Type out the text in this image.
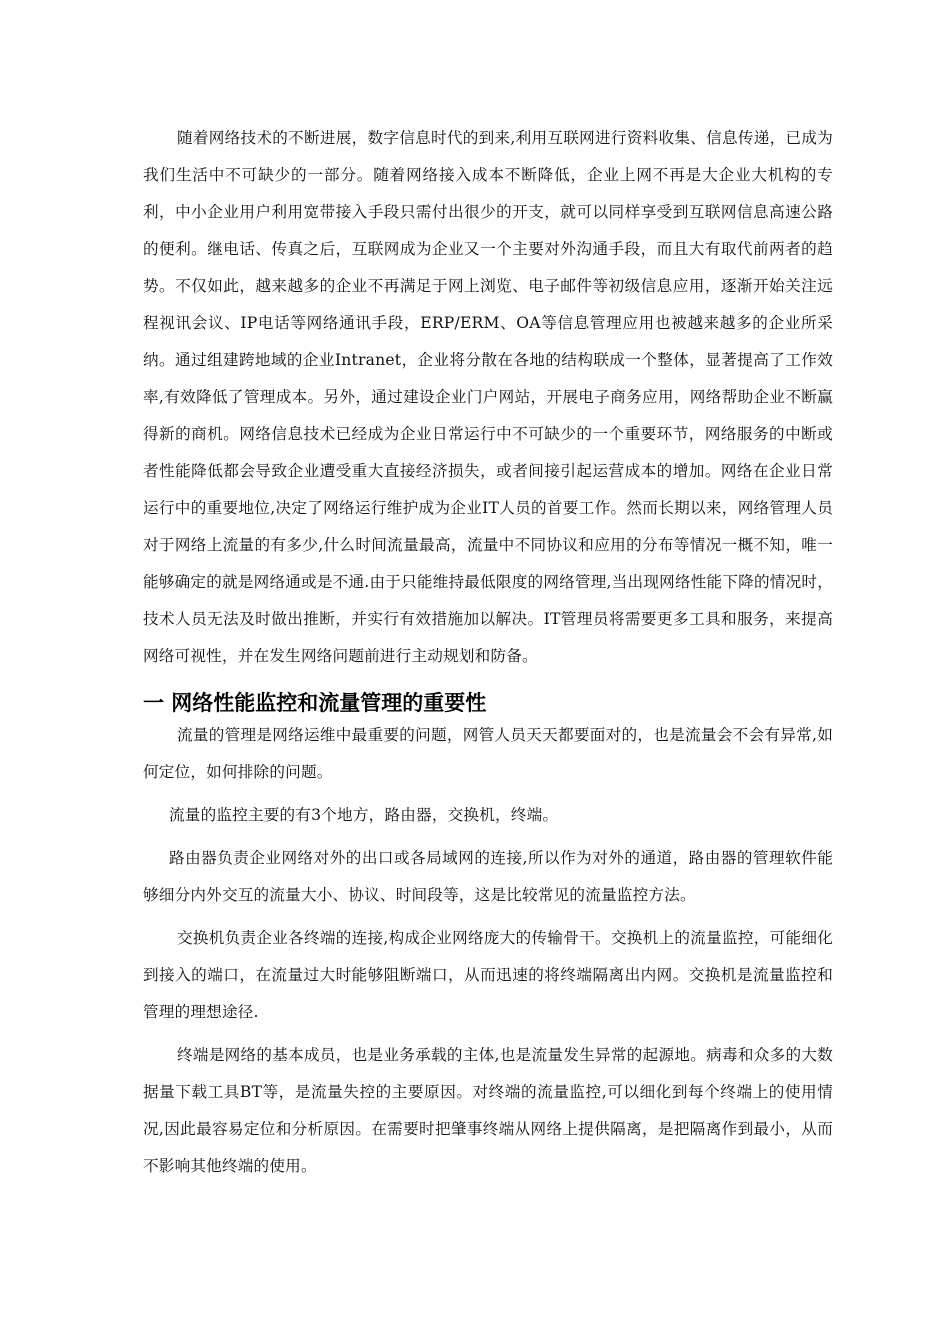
随着网络技术的不断进展，数字信息时代的到来,利用互联网进行资料收集、信息传递，已成为我们生活中不可缺少的一部分。随着网络接入成本不断降低，企业上网不再是大企业大机构的专利，中小企业用户利用宽带接入手段只需付出很少的开支，就可以同样享受到互联网信息高速公路的便利。继电话、传真之后，互联网成为企业又一个主要对外沟通手段，而且大有取代前两者的趋势。不仅如此，越来越多的企业不再满足于网上浏览、电子邮件等初级信息应用，逐渐开始关注远程视讯会议、IP电话等网络通讯手段，ERP/ERM、OA等信息管理应用也被越来越多的企业所采纳。通过组建跨地域的企业Intranet，企业将分散在各地的结构联成一个整体，显著提高了工作效率,有效降低了管理成本。另外，通过建设企业门户网站，开展电子商务应用，网络帮助企业不断赢得新的商机。网络信息技术已经成为企业日常运行中不可缺少的一个重要环节，网络服务的中断或者性能降低都会导致企业遭受重大直接经济损失，或者间接引起运营成本的增加。网络在企业日常运行中的重要地位,决定了网络运行维护成为企业IT人员的首要工作。然而长期以来，网络管理人员对于网络上流量的有多少,什么时间流量最高，流量中不同协议和应用的分布等情况一概不知，唯一能够确定的就是网络通或是不通.由于只能维持最低限度的网络管理,当出现网络性能下降的情况时，技术人员无法及时做出推断，并实行有效措施加以解决。IT管理员将需要更多工具和服务，来提高网络可视性，并在发生网络问题前进行主动规划和防备。

一 网络性能监控和流量管理的重要性

流量的管理是网络运维中最重要的问题，网管人员天天都要面对的，也是流量会不会有异常,如何定位，如何排除的问题。

流量的监控主要的有3个地方，路由器，交换机，终端。

路由器负责企业网络对外的出口或各局域网的连接,所以作为对外的通道，路由器的管理软件能够细分内外交互的流量大小、协议、时间段等，这是比较常见的流量监控方法。

交换机负责企业各终端的连接,构成企业网络庞大的传输骨干。交换机上的流量监控，可能细化到接入的端口，在流量过大时能够阻断端口，从而迅速的将终端隔离出内网。交换机是流量监控和管理的理想途径.

终端是网络的基本成员，也是业务承载的主体,也是流量发生异常的起源地。病毒和众多的大数据量下载工具BT等，是流量失控的主要原因。对终端的流量监控,可以细化到每个终端上的使用情况,因此最容易定位和分析原因。在需要时把肇事终端从网络上提供隔离，是把隔离作到最小，从而不影响其他终端的使用。
